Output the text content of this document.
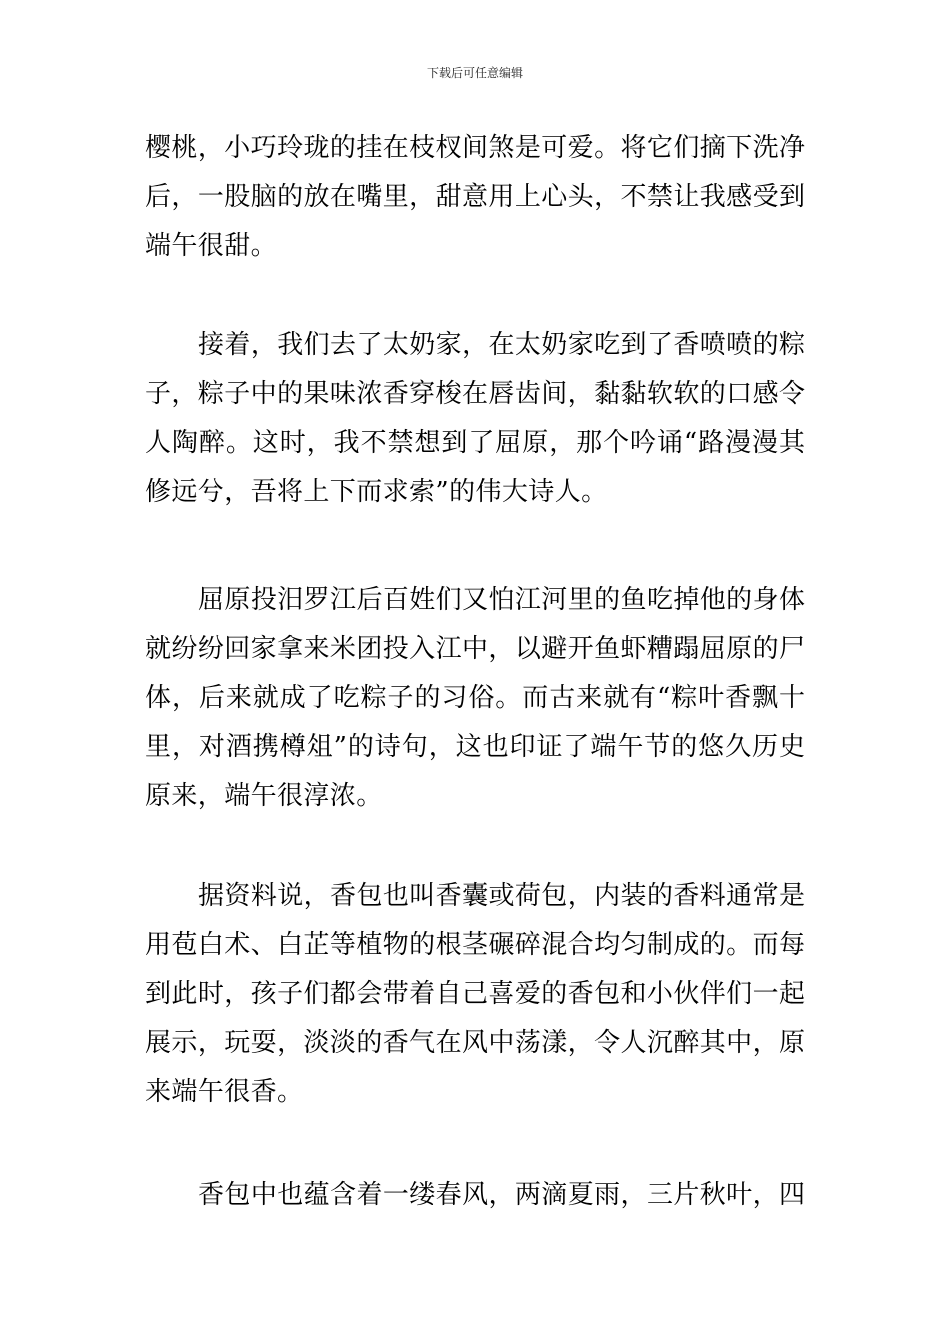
下载后可任意编辑
樱桃，小巧玲珑的挂在枝杈间煞是可爱。将它们摘下洗净
后，一股脑的放在嘴里，甜意用上心头，不禁让我感受到
端午很甜。
接着，我们去了太奶家，在太奶家吃到了香喷喷的粽
子，粽子中的果味浓香穿梭在唇齿间，黏黏软软的口感令
人陶醉。这时，我不禁想到了屈原，那个吟诵“路漫漫其
修远兮，吾将上下而求索”的伟大诗人。
屈原投汨罗江后百姓们又怕江河里的鱼吃掉他的身体
就纷纷回家拿来米团投入江中，以避开鱼虾糟蹋屈原的尸
体，后来就成了吃粽子的习俗。而古来就有“粽叶香飘十
里，对酒携樽俎”的诗句，这也印证了端午节的悠久历史
原来，端午很淳浓。
据资料说，香包也叫香囊或荷包，内装的香料通常是
用苞白术、白芷等植物的根茎碾碎混合均匀制成的。而每
到此时，孩子们都会带着自己喜爱的香包和小伙伴们一起
展示，玩耍，淡淡的香气在风中荡漾，令人沉醉其中，原
来端午很香。
香包中也蕴含着一缕春风，两滴夏雨，三片秋叶，四
